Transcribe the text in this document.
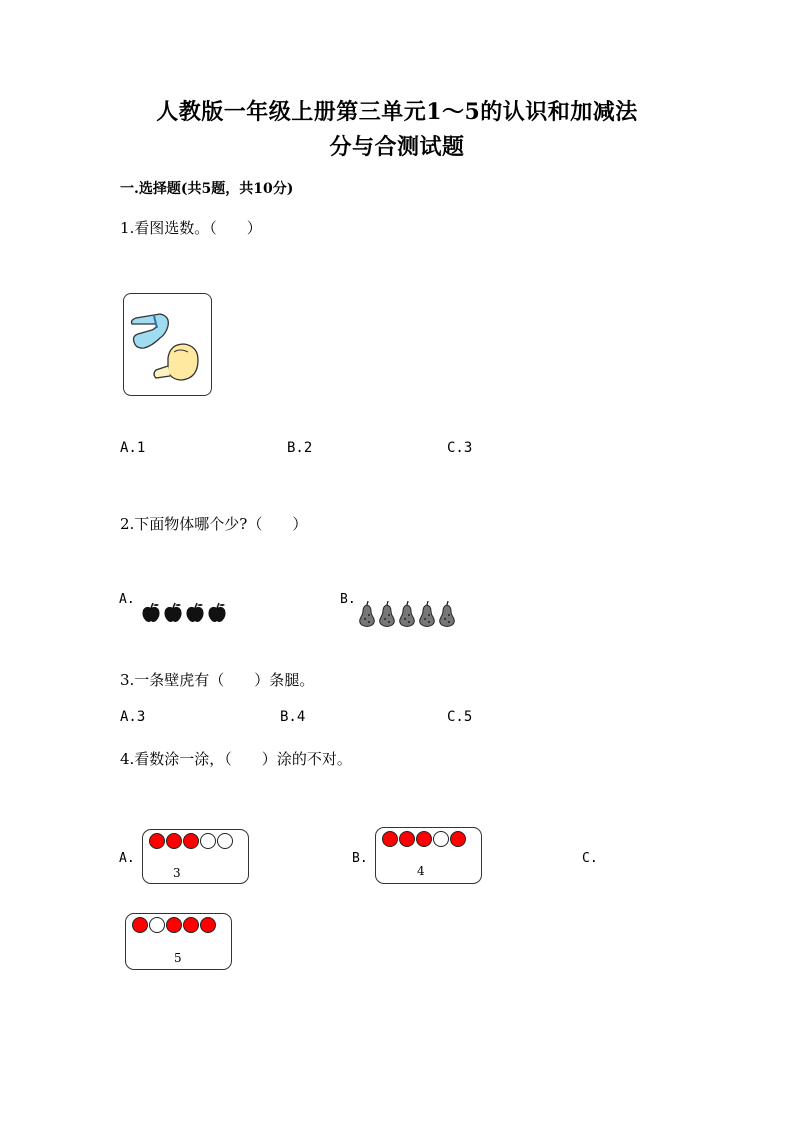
人教版一年级上册第三单元1～5的认识和加减法
分与合测试题
一.选择题(共5题，共10分)
1.看图选数。（　　）
A.1	B.2	C.3
2.下面物体哪个少?（　　）
A.	B.
3.一条壁虎有（　　）条腿。
A.3	B.4	C.5
4.看数涂一涂，（　　）涂的不对。
A.
3
B.
4
C.
5
